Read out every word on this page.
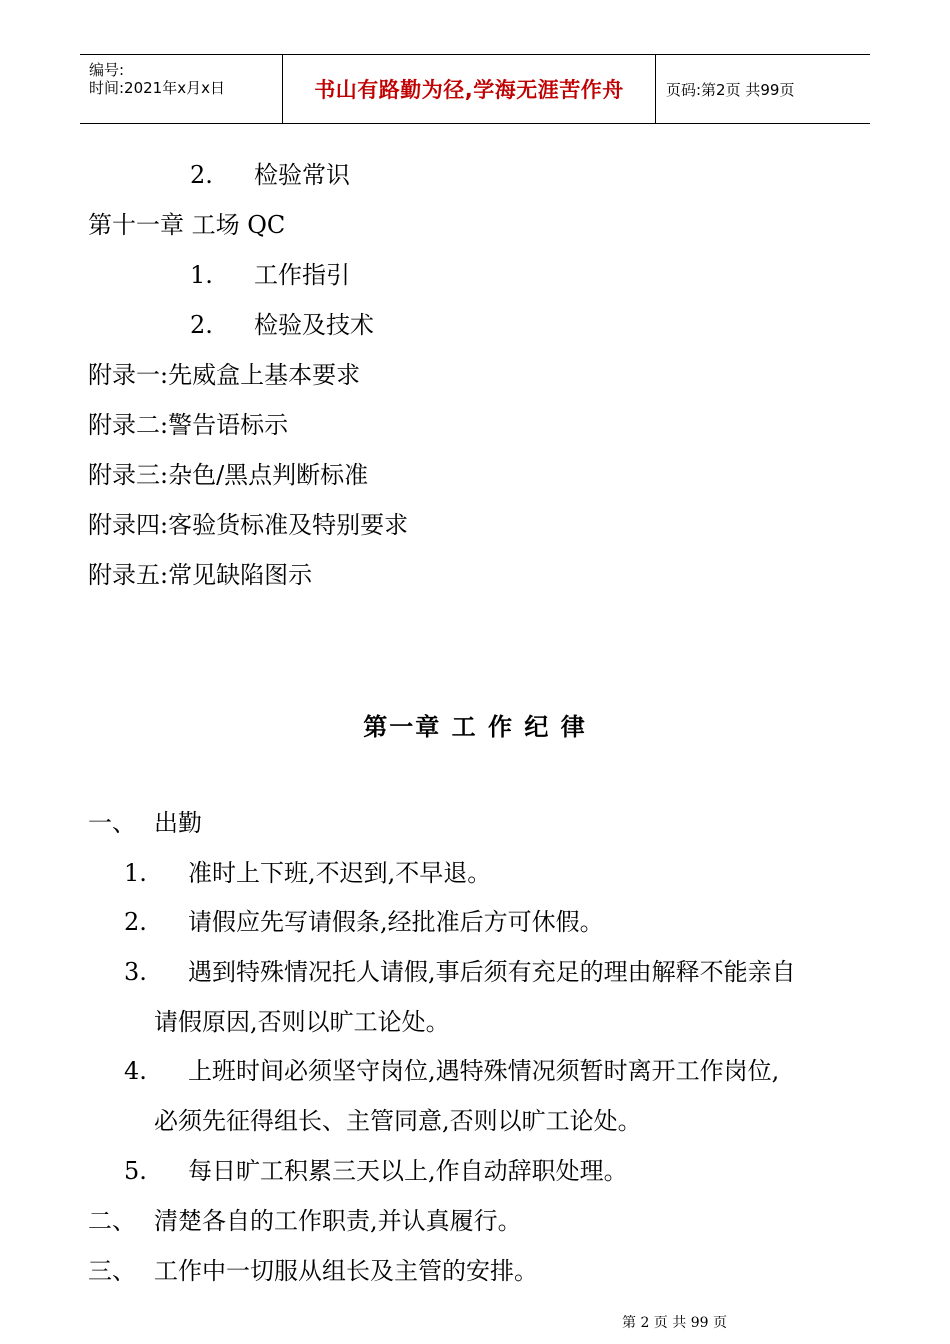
编号:
时间:2021年x月x日	书山有路勤为径,学海无涯苦作舟	页码:第2页 共99页
2. 检验常识
第十一章 工场 QC
1. 工作指引
2. 检验及技术
附录一:先威盒上基本要求
附录二:警告语标示
附录三:杂色/黑点判断标准
附录四:客验货标准及特别要求
附录五:常见缺陷图示
第一章 工 作 纪 律
一、 出勤
1. 准时上下班,不迟到,不早退。
2. 请假应先写请假条,经批准后方可休假。
3. 遇到特殊情况托人请假,事后须有充足的理由解释不能亲自
请假原因,否则以旷工论处。
4. 上班时间必须坚守岗位,遇特殊情况须暂时离开工作岗位,
必须先征得组长、主管同意,否则以旷工论处。
5. 每日旷工积累三天以上,作自动辞职处理。
二、 清楚各自的工作职责,并认真履行。
三、 工作中一切服从组长及主管的安排。
第 2 页 共 99 页
